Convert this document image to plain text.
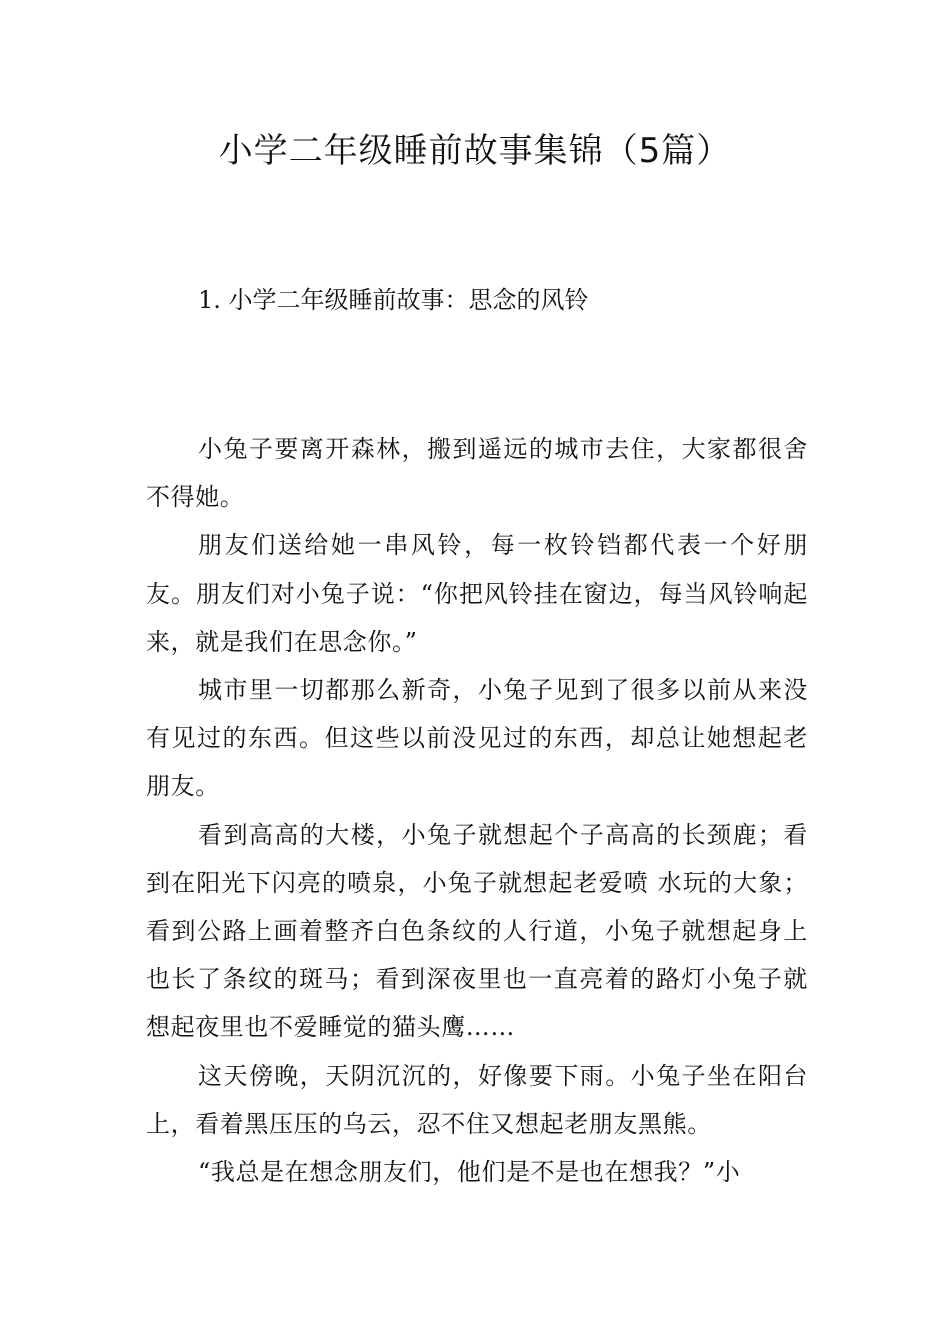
小学二年级睡前故事集锦（5篇）
1. 小学二年级睡前故事：思念的风铃

小兔子要离开森林，搬到遥远的城市去住，大家都很舍不得她。

朋友们送给她一串风铃，每一枚铃铛都代表一个好朋友。朋友们对小兔子说：“你把风铃挂在窗边，每当风铃响起来，就是我们在思念你。”

城市里一切都那么新奇，小兔子见到了很多以前从来没有见过的东西。但这些以前没见过的东西，却总让她想起老朋友。

看到高高的大楼，小兔子就想起个子高高的长颈鹿；看到在阳光下闪亮的喷泉，小兔子就想起老爱喷 水玩的大象；看到公路上画着整齐白色条纹的人行道，小兔子就想起身上也长了条纹的斑马；看到深夜里也一直亮着的路灯小兔子就想起夜里也不爱睡觉的猫头鹰……

这天傍晚，天阴沉沉的，好像要下雨。小兔子坐在阳台上，看着黑压压的乌云，忍不住又想起老朋友黑熊。

“我总是在想念朋友们，他们是不是也在想我？”小
